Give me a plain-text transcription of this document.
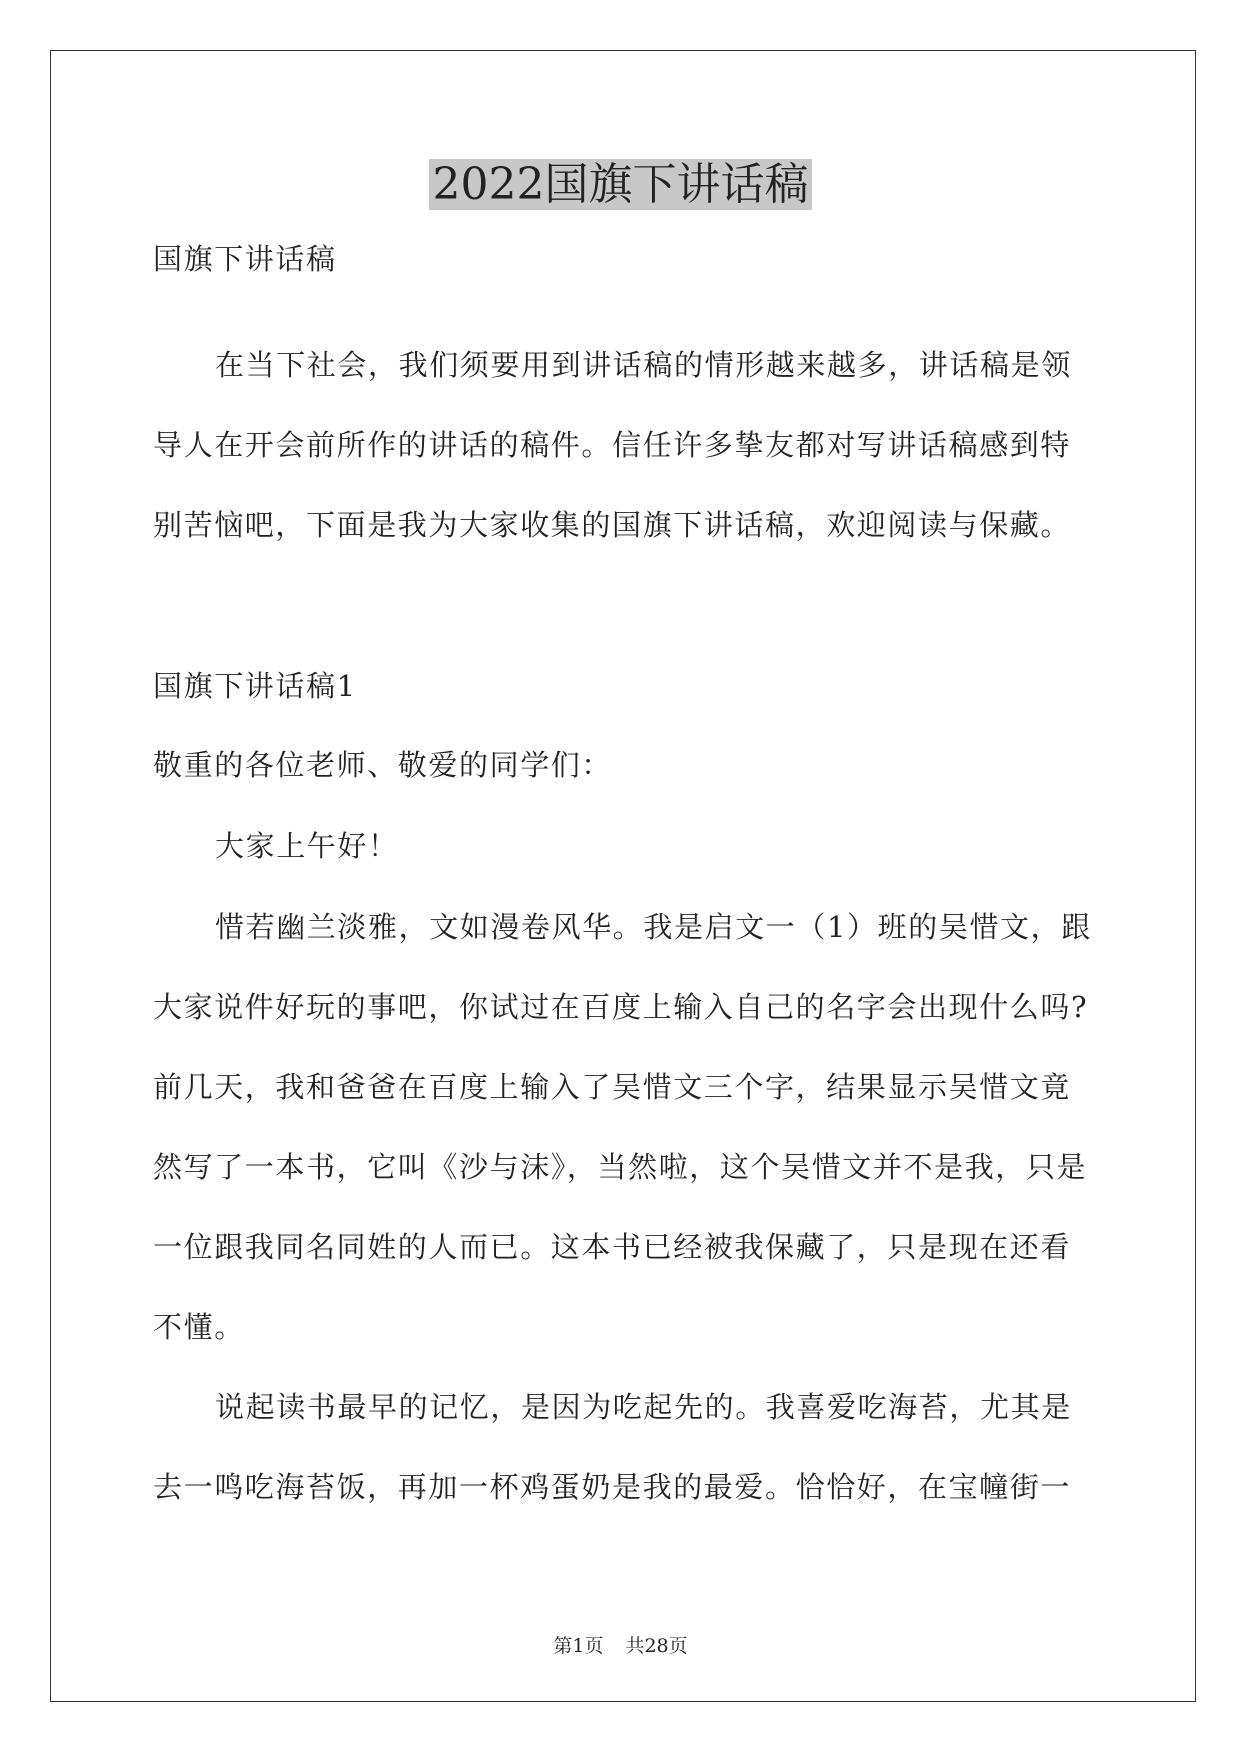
2022国旗下讲话稿
国旗下讲话稿
在当下社会，我们须要用到讲话稿的情形越来越多，讲话稿是领
导人在开会前所作的讲话的稿件。信任许多挚友都对写讲话稿感到特
别苦恼吧，下面是我为大家收集的国旗下讲话稿，欢迎阅读与保藏。
国旗下讲话稿1
敬重的各位老师、敬爱的同学们：
大家上午好！
惜若幽兰淡雅，文如漫卷风华。我是启文一（1）班的吴惜文，跟
大家说件好玩的事吧，你试过在百度上输入自己的名字会出现什么吗?
前几天，我和爸爸在百度上输入了吴惜文三个字，结果显示吴惜文竟
然写了一本书，它叫《沙与沫》，当然啦，这个吴惜文并不是我，只是
一位跟我同名同姓的人而已。这本书已经被我保藏了，只是现在还看
不懂。
说起读书最早的记忆，是因为吃起先的。我喜爱吃海苔，尤其是
去一鸣吃海苔饭，再加一杯鸡蛋奶是我的最爱。恰恰好，在宝幢街一
第1页 共28页
